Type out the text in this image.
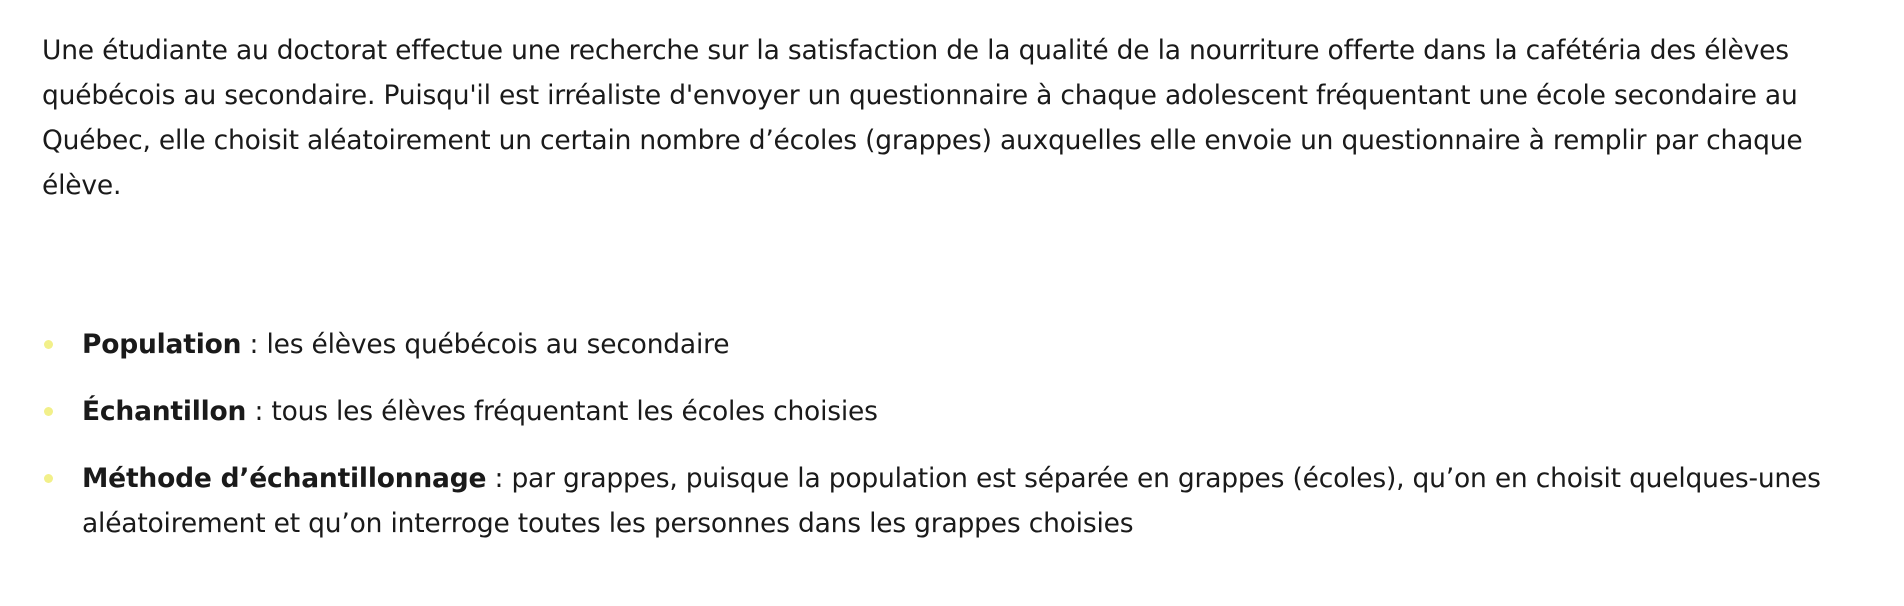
Une étudiante au doctorat effectue une recherche sur la satisfaction de la qualité de la nourriture offerte dans la cafétéria des élèves québécois au secondaire. Puisqu'il est irréaliste d'envoyer un questionnaire à chaque adolescent fréquentant une école secondaire au Québec, elle choisit aléatoirement un certain nombre d’écoles (grappes) auxquelles elle envoie un questionnaire à remplir par chaque élève.

Population : les élèves québécois au secondaire
Échantillon : tous les élèves fréquentant les écoles choisies
Méthode d’échantillonnage : par grappes, puisque la population est séparée en grappes (écoles), qu’on en choisit quelques-unes aléatoirement et qu’on interroge toutes les personnes dans les grappes choisies
